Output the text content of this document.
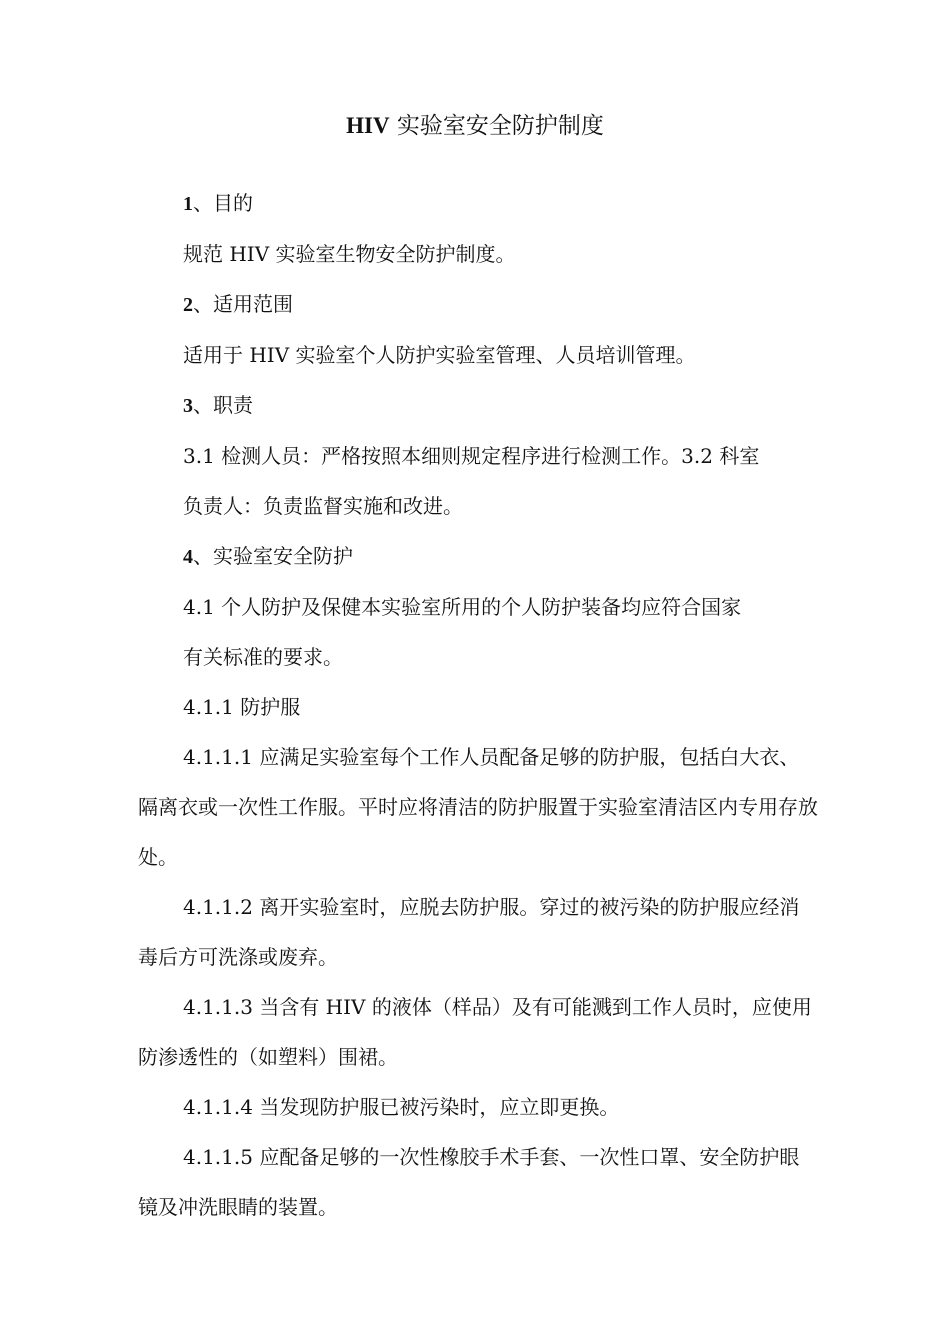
HIV 实验室安全防护制度

1、目的

规范 HIV 实验室生物安全防护制度。

2、适用范围

适用于 HIV 实验室个人防护实验室管理、人员培训管理。

3、职责

3.1 检测人员：严格按照本细则规定程序进行检测工作。3.2 科室

负责人：负责监督实施和改进。

4、实验室安全防护

4.1 个人防护及保健本实验室所用的个人防护装备均应符合国家

有关标准的要求。

4.1.1 防护服

4.1.1.1 应满足实验室每个工作人员配备足够的防护服，包括白大衣、隔离衣或一次性工作服。平时应将清洁的防护服置于实验室清洁区内专用存放处。

4.1.1.2 离开实验室时，应脱去防护服。穿过的被污染的防护服应经消毒后方可洗涤或废弃。

4.1.1.3 当含有 HIV 的液体（样品）及有可能溅到工作人员时，应使用防渗透性的（如塑料）围裙。

4.1.1.4 当发现防护服已被污染时，应立即更换。

4.1.1.5 应配备足够的一次性橡胶手术手套、一次性口罩、安全防护眼镜及冲洗眼睛的装置。
